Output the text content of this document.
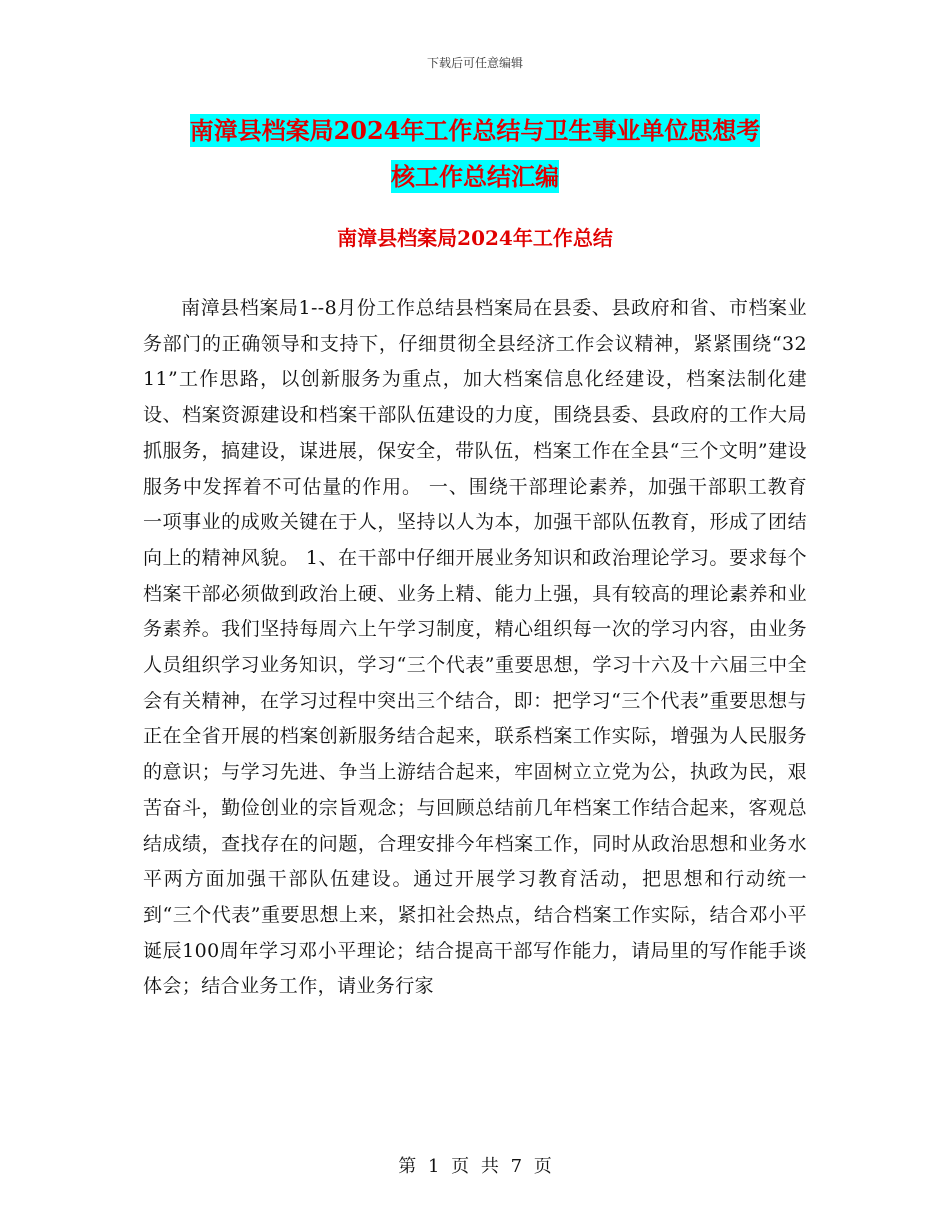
下载后可任意编辑
南漳县档案局2024年工作总结与卫生事业单位思想考
核工作总结汇编
南漳县档案局2024年工作总结

南漳县档案局1--8月份工作总结县档案局在县委、县政府和省、市档案业务部门的正确领导和支持下，仔细贯彻全县经济工作会议精神，紧紧围绕“3211”工作思路，以创新服务为重点，加大档案信息化经建设，档案法制化建设、档案资源建设和档案干部队伍建设的力度，围绕县委、县政府的工作大局抓服务，搞建设，谋进展，保安全，带队伍，档案工作在全县“三个文明”建设服务中发挥着不可估量的作用。 一、围绕干部理论素养，加强干部职工教育 一项事业的成败关键在于人，坚持以人为本，加强干部队伍教育，形成了团结向上的精神风貌。 1、在干部中仔细开展业务知识和政治理论学习。要求每个档案干部必须做到政治上硬、业务上精、能力上强，具有较高的理论素养和业务素养。我们坚持每周六上午学习制度，精心组织每一次的学习内容，由业务人员组织学习业务知识，学习“三个代表”重要思想，学习十六及十六届三中全会有关精神，在学习过程中突出三个结合，即：把学习“三个代表”重要思想与正在全省开展的档案创新服务结合起来，联系档案工作实际，增强为人民服务的意识；与学习先进、争当上游结合起来，牢固树立立党为公，执政为民，艰苦奋斗，勤俭创业的宗旨观念；与回顾总结前几年档案工作结合起来，客观总结成绩，查找存在的问题，合理安排今年档案工作，同时从政治思想和业务水平两方面加强干部队伍建设。通过开展学习教育活动，把思想和行动统一到“三个代表”重要思想上来，紧扣社会热点，结合档案工作实际，结合邓小平诞辰100周年学习邓小平理论；结合提高干部写作能力，请局里的写作能手谈体会；结合业务工作，请业务行家

第 1 页 共 7 页
